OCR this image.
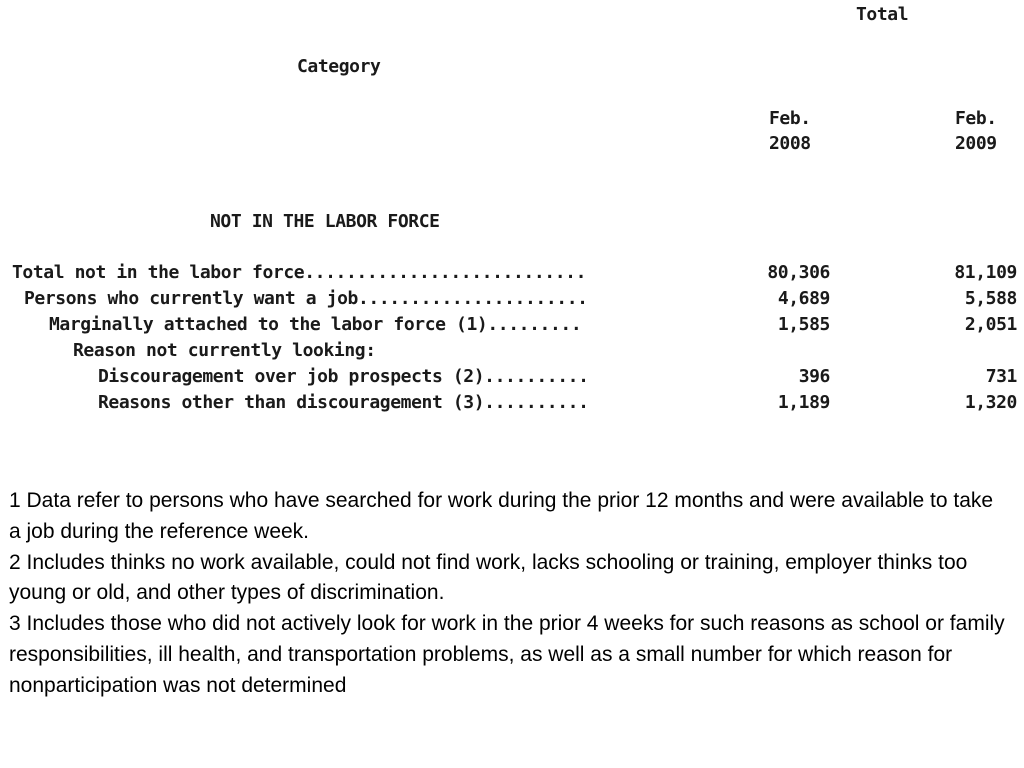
Total
Category
Feb.
2008
Feb.
2009
NOT IN THE LABOR FORCE
Total not in the labor force...........................	80,306	81,109
Persons who currently want a job......................	4,689	5,588
Marginally attached to the labor force (1).........	1,585	2,051
Reason not currently looking:
Discouragement over job prospects (2)..........	396	731
Reasons other than discouragement (3)..........	1,189	1,320

1 Data refer to persons who have searched for work during the prior 12 months and were available to take a job during the reference week.

2 Includes thinks no work available, could not find work, lacks schooling or training, employer thinks too young or old, and other types of discrimination.

3 Includes those who did not actively look for work in the prior 4 weeks for such reasons as school or family responsibilities, ill health, and transportation problems, as well as a small number for which reason for nonparticipation was not determined
